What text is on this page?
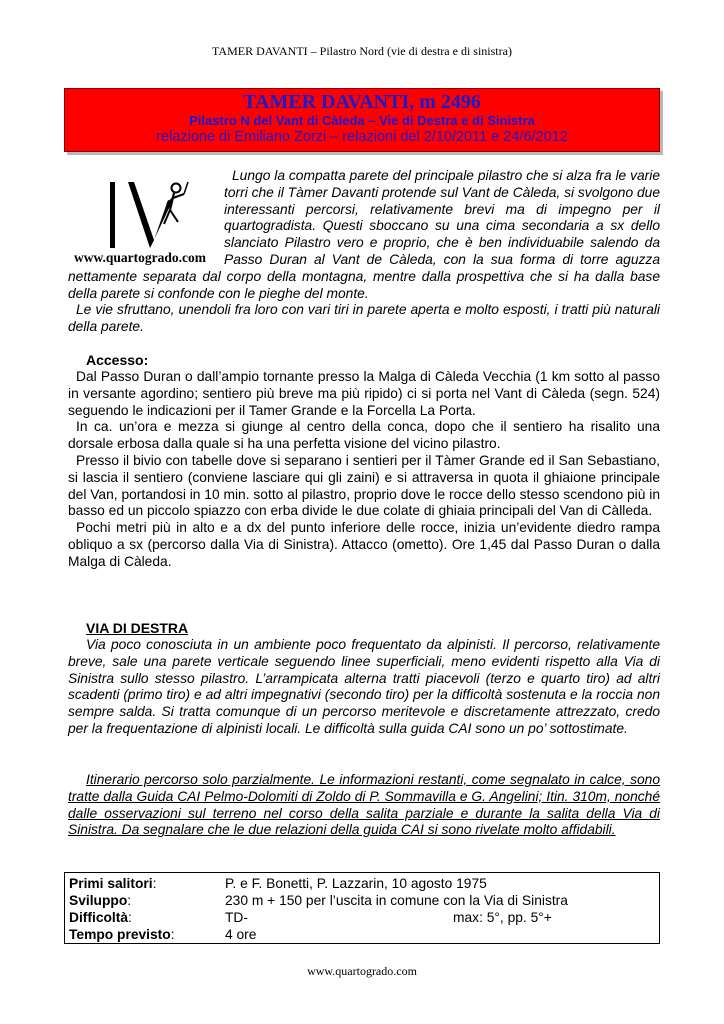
TAMER DAVANTI – Pilastro Nord (vie di destra e di sinistra)
TAMER DAVANTI, m 2496
Pilastro N del Vant di Càleda – Vie di Destra e di Sinistra
relazione di Emiliano Zorzi – relazioni del 2/10/2011 e 24/6/2012
www.quartogrado.com

Lungo la compatta parete del principale pilastro che si alza fra le varie torri che il Tàmer Davanti protende sul Vant de Càleda, si svolgono due interessanti percorsi, relativamente brevi ma di impegno per il quartogradista. Questi sboccano su una cima secondaria a sx dello slanciato Pilastro vero e proprio, che è ben individuabile salendo da Passo Duran al Vant de Càleda, con la sua forma di torre aguzza nettamente separata dal corpo della montagna, mentre dalla prospettiva che si ha dalla base della parete si confonde con le pieghe del monte.

Le vie sfruttano, unendoli fra loro con vari tiri in parete aperta e molto esposti, i tratti più naturali della parete.

Accesso:

Dal Passo Duran o dall’ampio tornante presso la Malga di Càleda Vecchia (1 km sotto al passo in versante agordino; sentiero più breve ma più ripido) ci si porta nel Vant di Càleda (segn. 524) seguendo le indicazioni per il Tamer Grande e la Forcella La Porta.

In ca. un’ora e mezza si giunge al centro della conca, dopo che il sentiero ha risalito una dorsale erbosa dalla quale si ha una perfetta visione del vicino pilastro.

Presso il bivio con tabelle dove si separano i sentieri per il Tàmer Grande ed il San Sebastiano, si lascia il sentiero (conviene lasciare qui gli zaini) e si attraversa in quota il ghiaione principale del Van, portandosi in 10 min. sotto al pilastro, proprio dove le rocce dello stesso scendono più in basso ed un piccolo spiazzo con erba divide le due colate di ghiaia principali del Van di Càlleda.

Pochi metri più in alto e a dx del punto inferiore delle rocce, inizia un’evidente diedro rampa obliquo a sx (percorso dalla Via di Sinistra). Attacco (ometto). Ore 1,45 dal Passo Duran o dalla Malga di Càleda.

VIA DI DESTRA

Via poco conosciuta in un ambiente poco frequentato da alpinisti. Il percorso, relativamente breve, sale una parete verticale seguendo linee superficiali, meno evidenti rispetto alla Via di Sinistra sullo stesso pilastro. L’arrampicata alterna tratti piacevoli (terzo e quarto tiro) ad altri scadenti (primo tiro) e ad altri impegnativi (secondo tiro) per la difficoltà sostenuta e la roccia non sempre salda. Si tratta comunque di un percorso meritevole e discretamente attrezzato, credo per la frequentazione di alpinisti locali. Le difficoltà sulla guida CAI sono un po’ sottostimate.

Itinerario percorso solo parzialmente. Le informazioni restanti, come segnalato in calce, sono tratte dalla Guida CAI Pelmo-Dolomiti di Zoldo di P. Sommavilla e G. Angelini; Itin. 310m, nonché dalle osservazioni sul terreno nel corso della salita parziale e durante la salita della Via di Sinistra. Da segnalare che le due relazioni della guida CAI si sono rivelate molto affidabili.

Primi salitori:	P. e F. Bonetti, P. Lazzarin, 10 agosto 1975
Sviluppo:	230 m + 150 per l’uscita in comune con la Via di Sinistra
Difficoltà:	TD-	max: 5°, pp. 5°+
Tempo previsto:	4 ore
www.quartogrado.com
